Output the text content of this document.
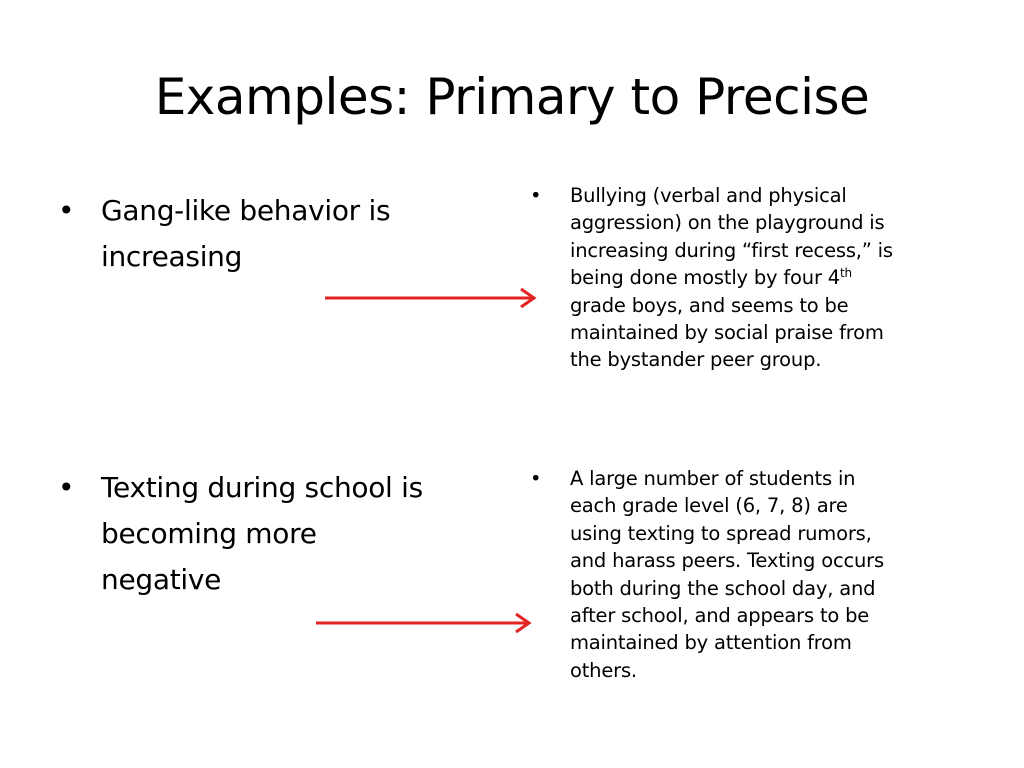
Examples: Primary to Precise
• Gang-like behavior is
increasing
• Bullying (verbal and physical
aggression) on the playground is
increasing during “first recess,” is
being done mostly by four 4th
grade boys, and seems to be
maintained by social praise from
the bystander peer group.
• Texting during school is
becoming more
negative
• A large number of students in
each grade level (6, 7, 8) are
using texting to spread rumors,
and harass peers. Texting occurs
both during the school day, and
after school, and appears to be
maintained by attention from
others.
